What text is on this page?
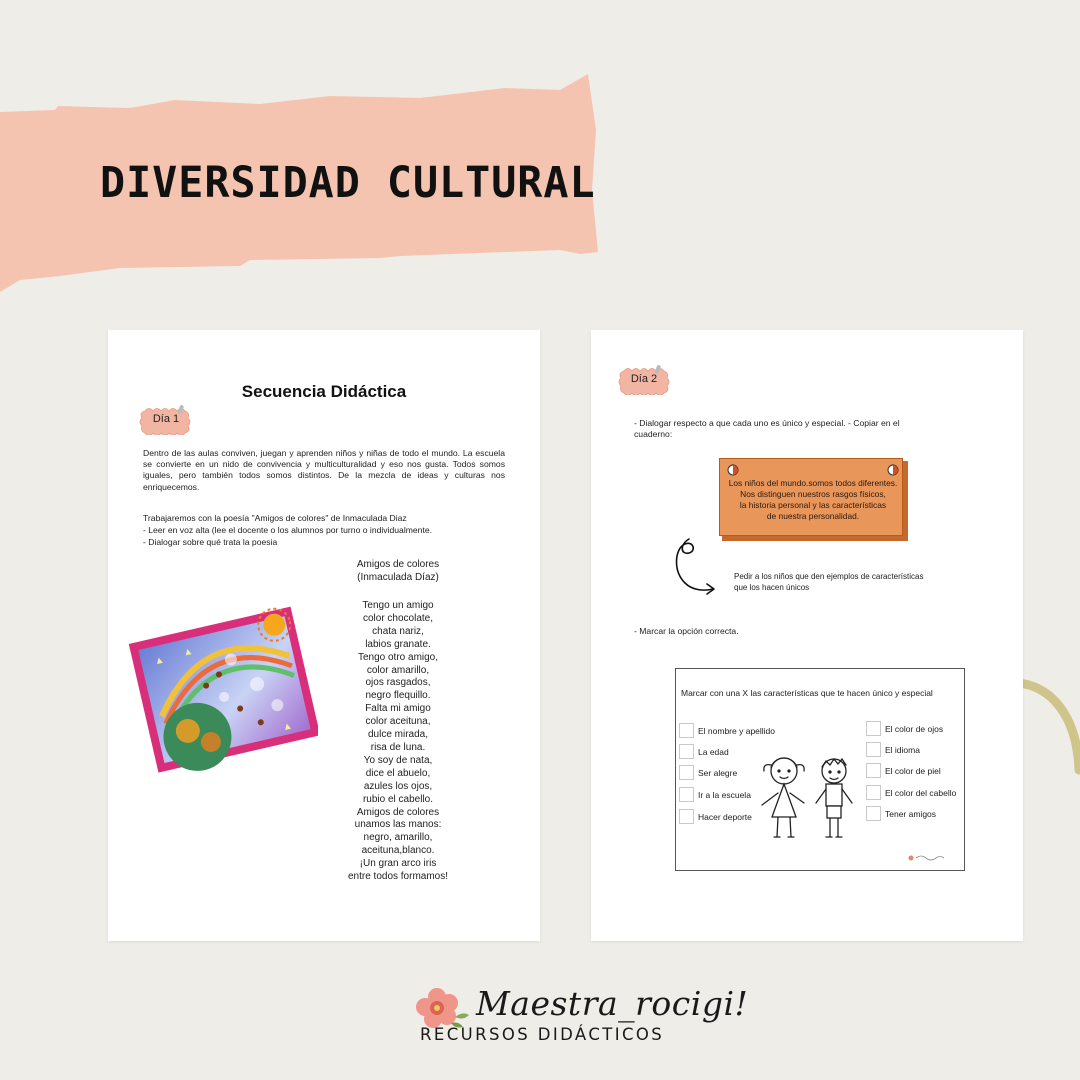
DIVERSIDAD CULTURAL
Secuencia Didáctica
Día 1

Dentro de las aulas conviven, juegan y aprenden niños y niñas de todo el mundo. La escuela se convierte en un nido de convivencia y multiculturalidad y eso nos gusta. Todos somos iguales, pero también todos somos distintos. De la mezcla de ideas y culturas nos enriquecemos.

Trabajaremos con la poesía "Amigos de colores" de Inmaculada Diaz
- Leer en voz alta (lee el docente o los alumnos por turno o individualmente.
- Dialogar sobre qué trata la poesia
Amigos de colores
(Inmaculada Díaz)
Tengo un amigo
color chocolate,
chata nariz,
labios granate.
Tengo otro amigo,
color amarillo,
ojos rasgados,
negro flequillo.
Falta mi amigo
color aceituna,
dulce mirada,
risa de luna.
Yo soy de nata,
dice el abuelo,
azules los ojos,
rubio el cabello.
Amigos de colores
unamos las manos:
negro, amarillo,
aceituna,blanco.
¡Un gran arco iris
entre todos formamos!
Día 2
- Dialogar respecto a que cada uno es único y especial. - Copiar en el
cuaderno:
Los niños del mundo.somos todos diferentes.
Nos distinguen nuestros rasgos físicos,
la historia personal y las características
de nuestra personalidad.
Pedir a los niños que den ejemplos de características
que los hacen únicos
- Marcar la opción correcta.
Marcar con una X las características que te hacen único y especial
El nombre y apellido
La edad
Ser alegre
Ir a la escuela
Hacer deporte
El color de ojos
El idioma
El color de piel
El color del cabello
Tener amigos
Maestra_rocigi!
RECURSOS DIDÁCTICOS
